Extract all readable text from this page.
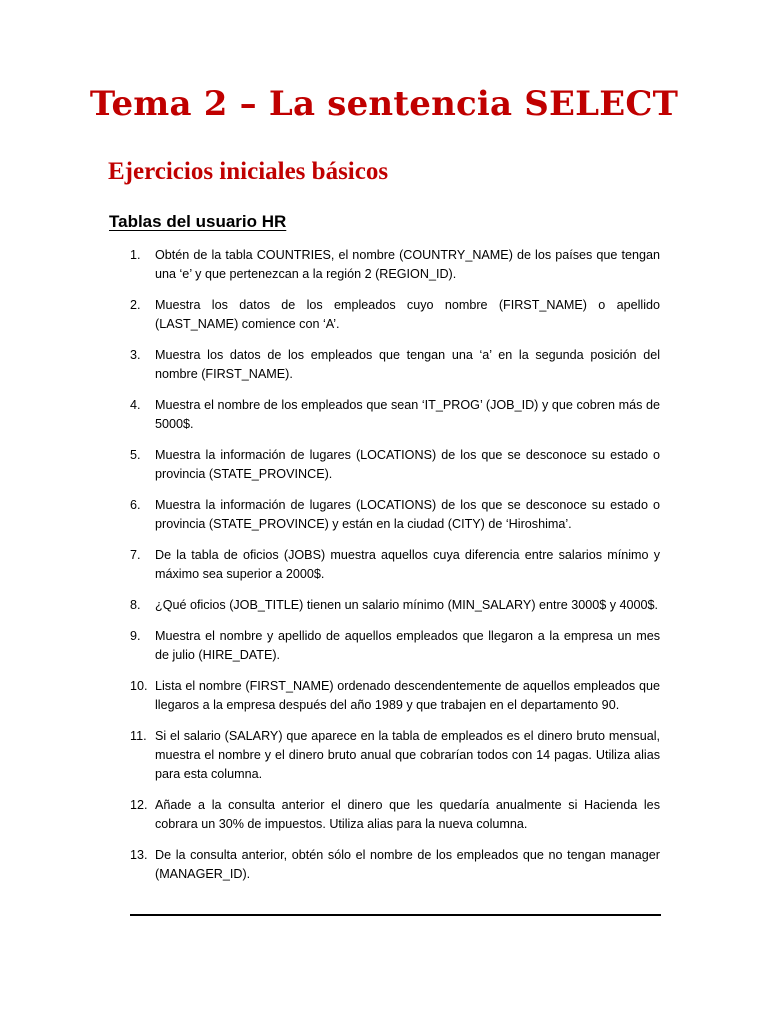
Tema 2 – La sentencia SELECT
Ejercicios iniciales básicos
Tablas del usuario HR
1.	Obtén de la tabla COUNTRIES, el nombre (COUNTRY_NAME) de los países que tengan una ‘e’ y que pertenezcan a la región 2 (REGION_ID).
2.	Muestra los datos de los empleados cuyo nombre (FIRST_NAME) o apellido (LAST_NAME) comience con ‘A’.
3.	Muestra los datos de los empleados que tengan una ‘a’ en la segunda posición del nombre (FIRST_NAME).
4.	Muestra el nombre de los empleados que sean ‘IT_PROG’ (JOB_ID) y que cobren más de 5000$.
5.	Muestra la información de lugares (LOCATIONS) de los que se desconoce su estado o provincia (STATE_PROVINCE).
6.	Muestra la información de lugares (LOCATIONS) de los que se desconoce su estado o provincia (STATE_PROVINCE) y están en la ciudad (CITY) de ‘Hiroshima’.
7.	De la tabla de oficios (JOBS) muestra aquellos cuya diferencia entre salarios mínimo y máximo sea superior a 2000$.
8.	¿Qué oficios (JOB_TITLE) tienen un salario mínimo (MIN_SALARY) entre 3000$ y 4000$.
9.	Muestra el nombre y apellido de aquellos empleados que llegaron a la empresa un mes de julio (HIRE_DATE).
10. Lista el nombre (FIRST_NAME) ordenado descendentemente de aquellos empleados que llegaros a la empresa después del año 1989 y que trabajen en el departamento 90.
11. Si el salario (SALARY) que aparece en la tabla de empleados es el dinero bruto mensual, muestra el nombre y el dinero bruto anual que cobrarían todos con 14 pagas. Utiliza alias para esta columna.
12. Añade a la consulta anterior el dinero que les quedaría anualmente si Hacienda les cobrara un 30% de impuestos. Utiliza alias para la nueva columna.
13. De la consulta anterior, obtén sólo el nombre de los empleados que no tengan manager (MANAGER_ID).
